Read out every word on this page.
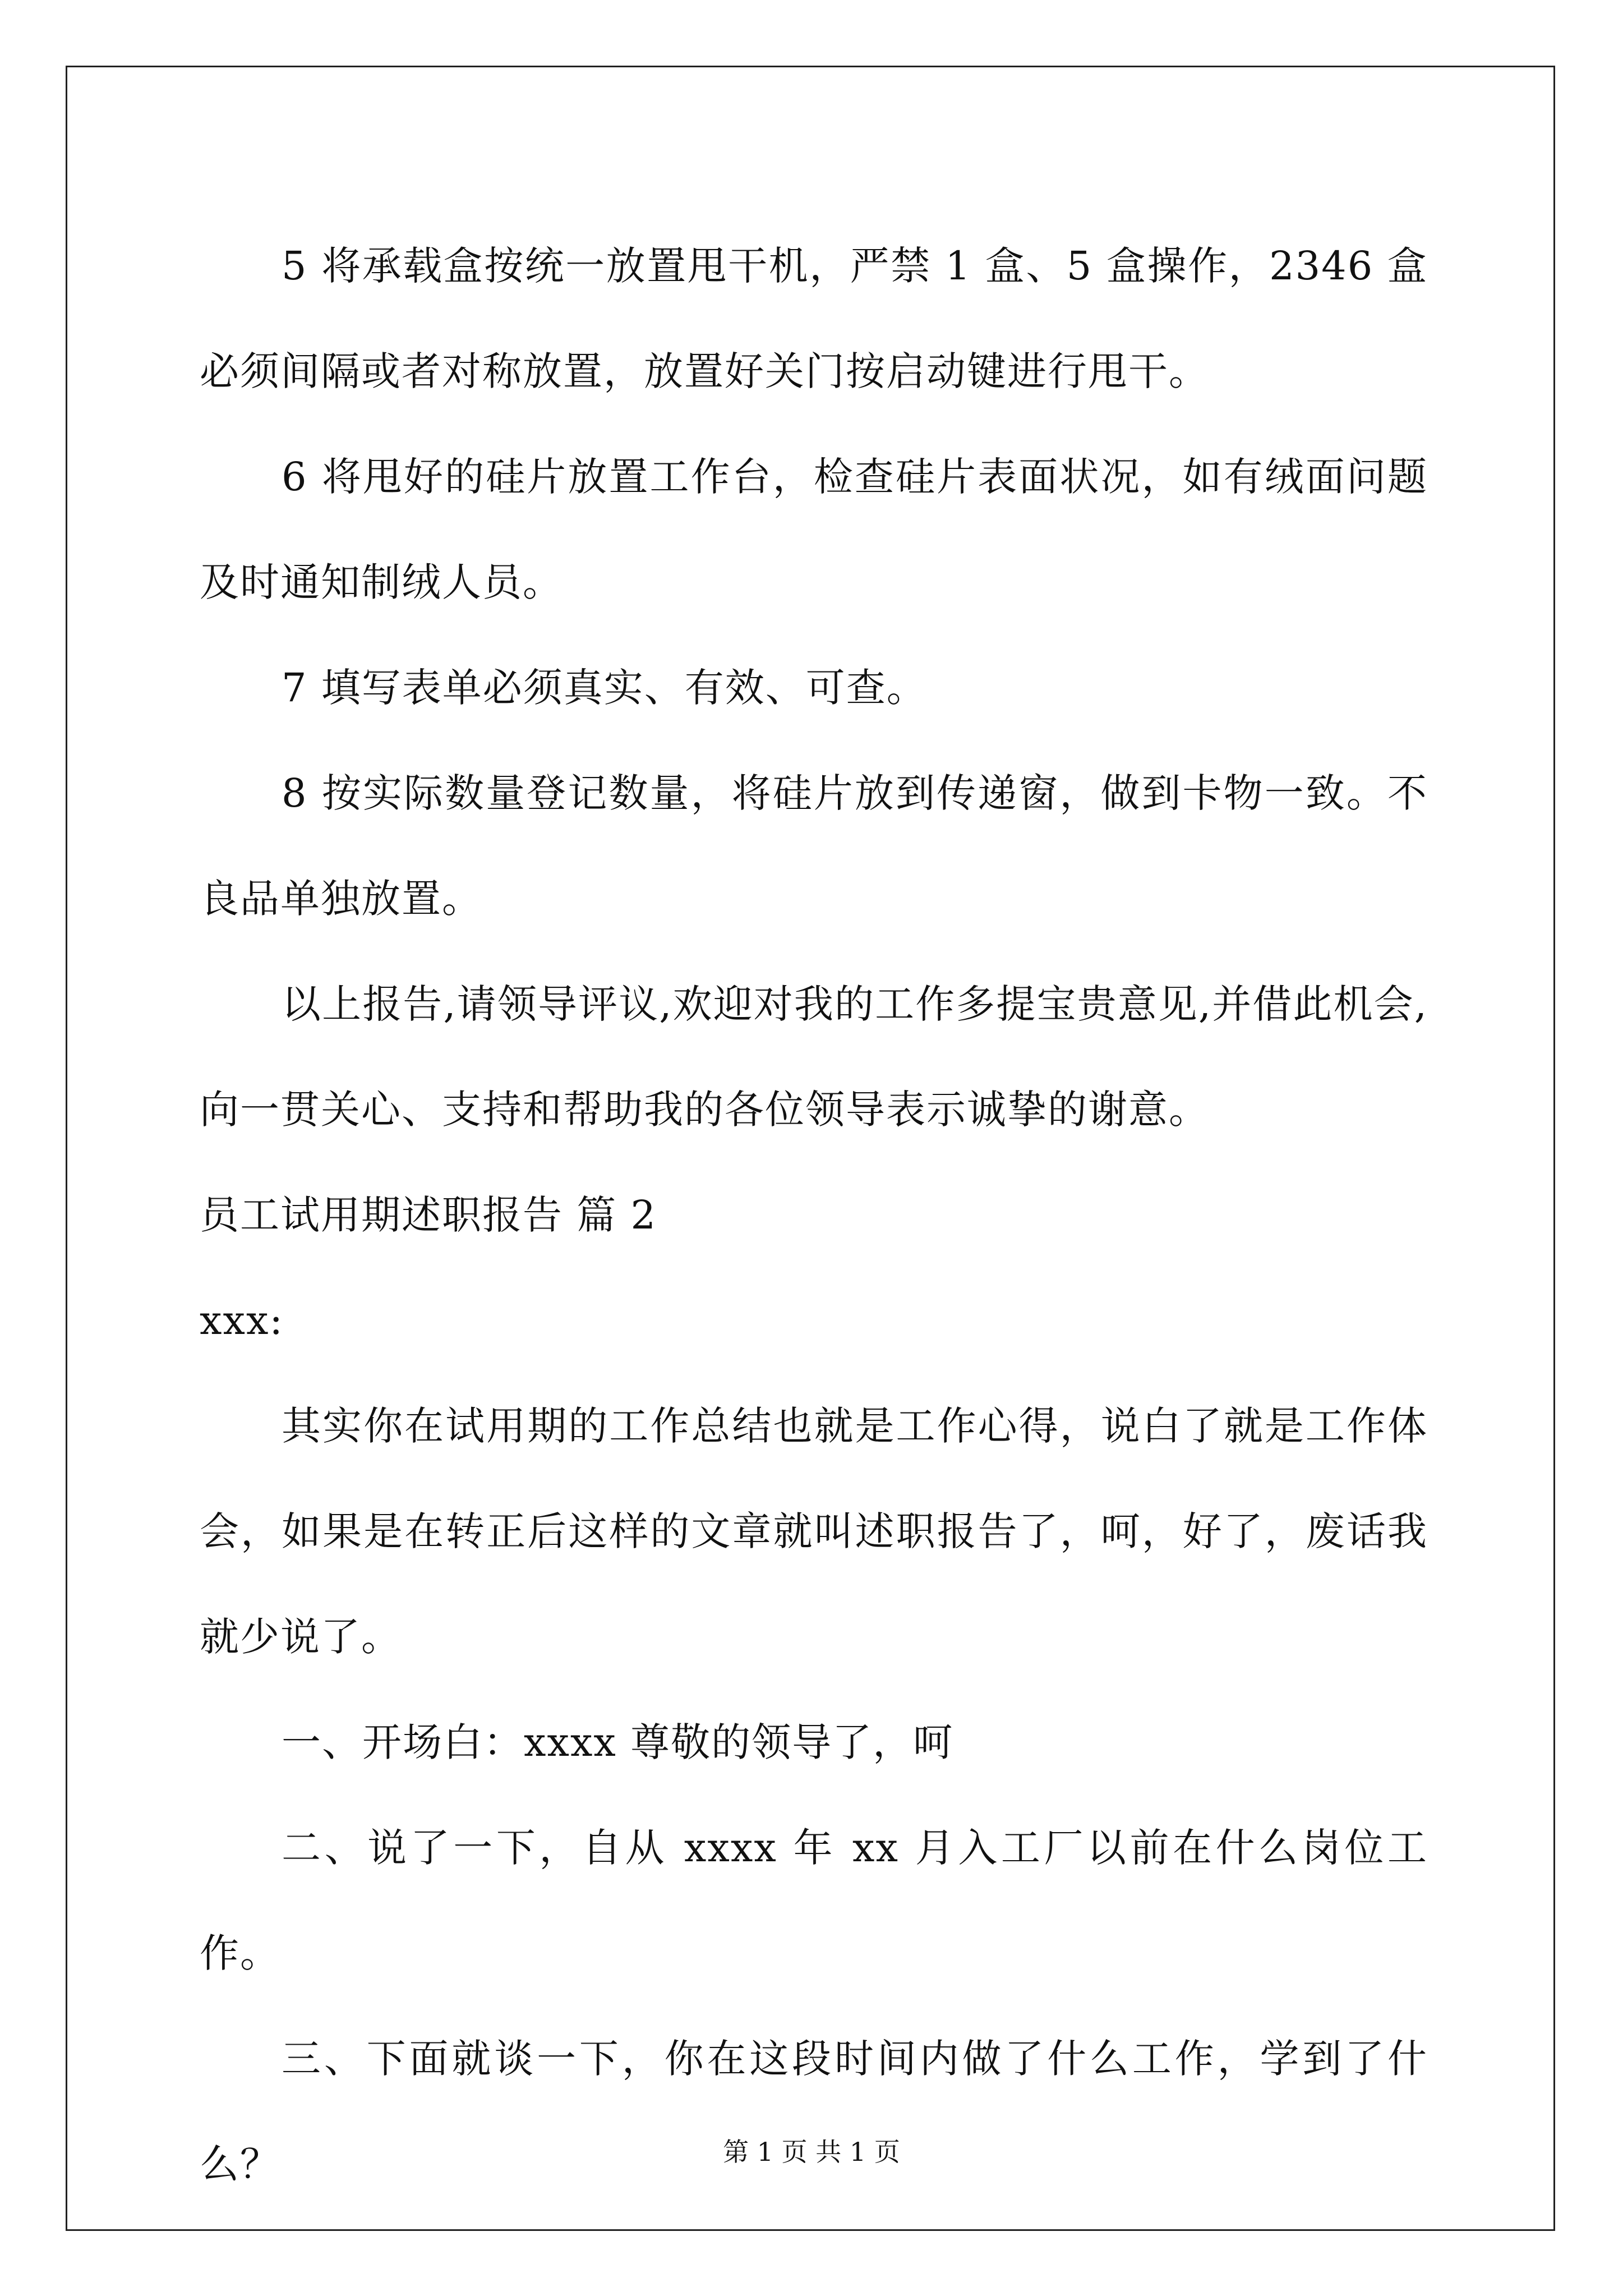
5 将承载盒按统一放置甩干机，严禁 1 盒、5 盒操作，2346 盒必须间隔或者对称放置，放置好关门按启动键进行甩干。

6 将甩好的硅片放置工作台，检查硅片表面状况，如有绒面问题及时通知制绒人员。

7 填写表单必须真实、有效、可查。

8 按实际数量登记数量，将硅片放到传递窗，做到卡物一致。不良品单独放置。

以上报告,请领导评议,欢迎对我的工作多提宝贵意见,并借此机会,向一贯关心、支持和帮助我的各位领导表示诚挚的谢意。

员工试用期述职报告 篇 2

xxx:

其实你在试用期的工作总结也就是工作心得，说白了就是工作体会，如果是在转正后这样的文章就叫述职报告了，呵，好了，废话我就少说了。

一、开场白：xxxx 尊敬的领导了，呵

二、说了一下，自从 xxxx 年 xx 月入工厂以前在什么岗位工作。

三、下面就谈一下，你在这段时间内做了什么工作，学到了什么？	第 1 页 共 1 页
